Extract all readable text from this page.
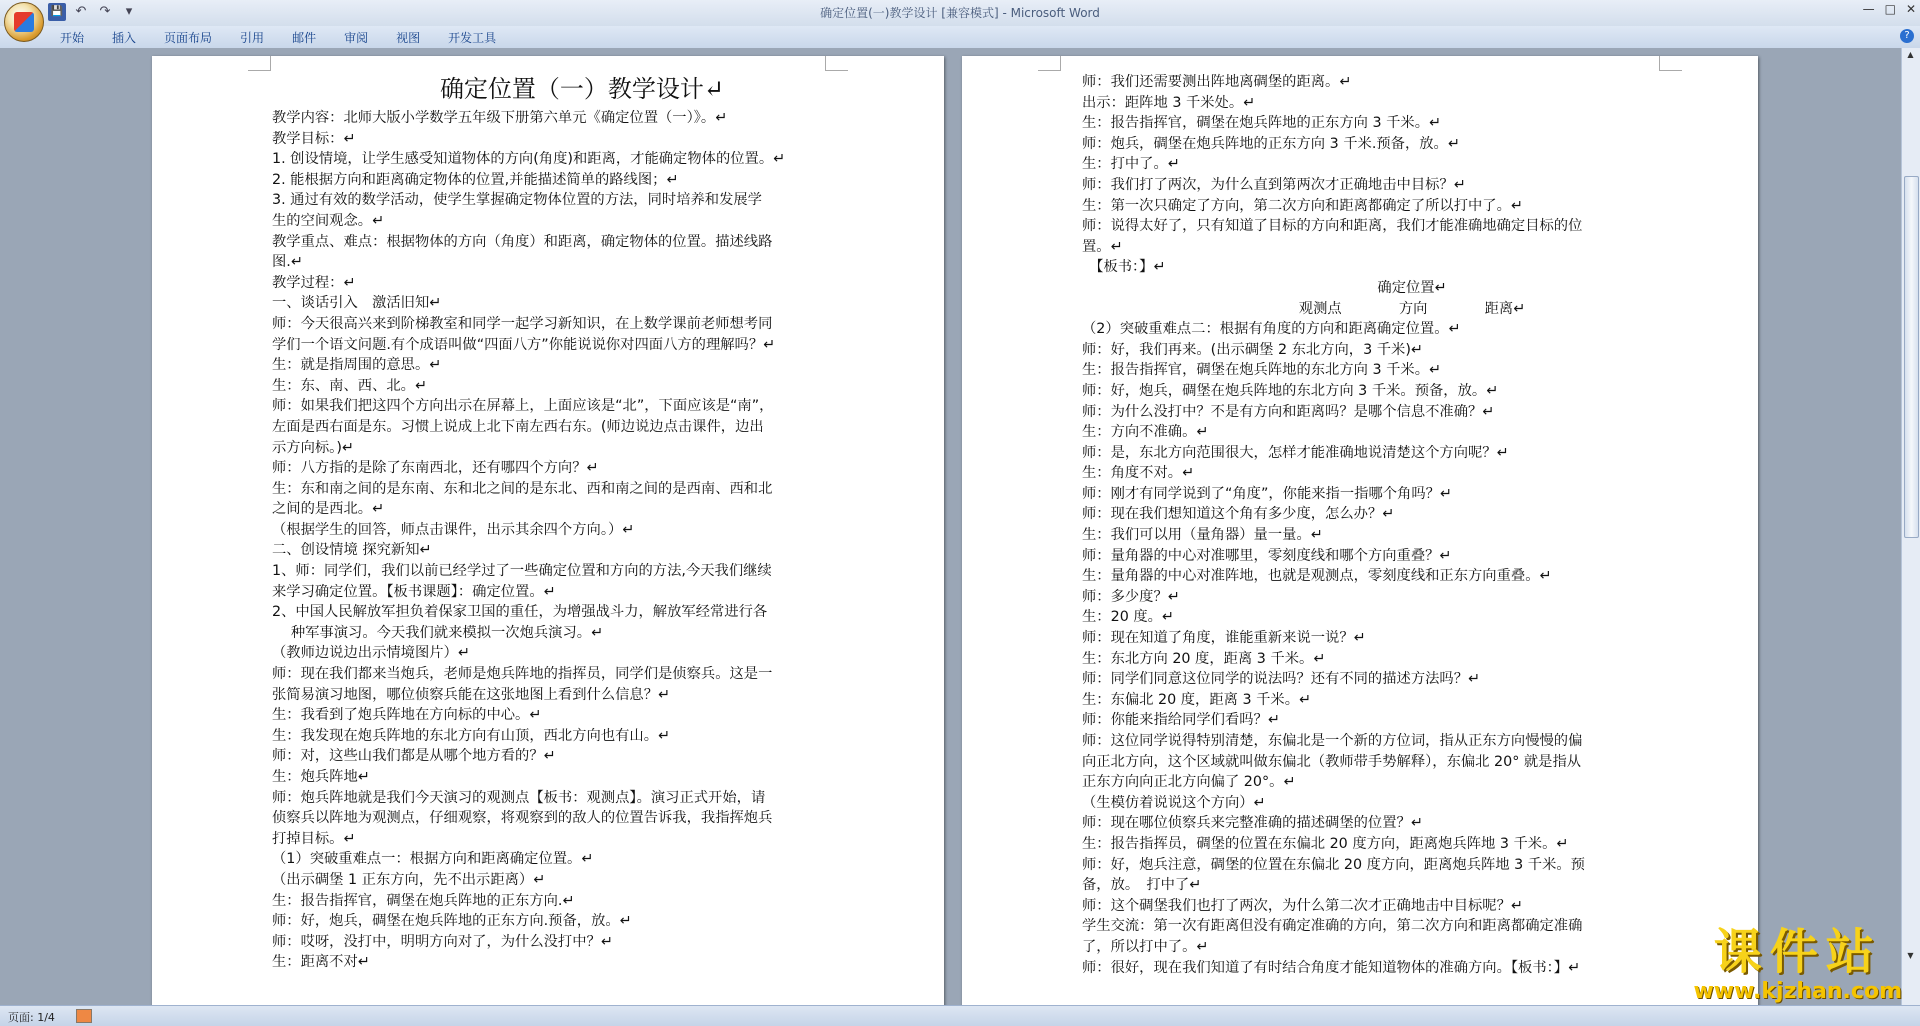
💾 ↶ ↷	▾	确定位置(一)教学设计 [兼容模式] - Microsoft Word	— □ ✕
开始 插入 页面布局 引用 邮件 审阅 视图 开发工具	?
确定位置（一）教学设计↵
教学内容：北师大版小学数学五年级下册第六单元《确定位置（一）》。↵
教学目标：↵
1. 创设情境，让学生感受知道物体的方向(角度)和距离，才能确定物体的位置。↵
2. 能根据方向和距离确定物体的位置,并能描述简单的路线图；↵
3. 通过有效的数学活动，使学生掌握确定物体位置的方法，同时培养和发展学
生的空间观念。↵
教学重点、难点：根据物体的方向（角度）和距离，确定物体的位置。描述线路
图.↵
教学过程：↵
一、谈话引入　激活旧知↵
师：今天很高兴来到阶梯教室和同学一起学习新知识，在上数学课前老师想考同
学们一个语文问题.有个成语叫做“四面八方”你能说说你对四面八方的理解吗？↵
生：就是指周围的意思。↵
生：东、南、西、北。↵
师：如果我们把这四个方向出示在屏幕上，上面应该是“北”，下面应该是“南”，
左面是西右面是东。习惯上说成上北下南左西右东。(师边说边点击课件，边出
示方向标。)↵
师：八方指的是除了东南西北，还有哪四个方向？↵
生：东和南之间的是东南、东和北之间的是东北、西和南之间的是西南、西和北
之间的是西北。↵
（根据学生的回答，师点击课件，出示其余四个方向。）↵
二、创设情境 探究新知↵
1、师：同学们，我们以前已经学过了一些确定位置和方向的方法,今天我们继续
来学习确定位置。【板书课题】：确定位置。↵
2、中国人民解放军担负着保家卫国的重任，为增强战斗力，解放军经常进行各
　 种军事演习。今天我们就来模拟一次炮兵演习。↵
（教师边说边出示情境图片）↵
师：现在我们都来当炮兵，老师是炮兵阵地的指挥员，同学们是侦察兵。这是一
张简易演习地图，哪位侦察兵能在这张地图上看到什么信息？↵
生：我看到了炮兵阵地在方向标的中心。↵
生：我发现在炮兵阵地的东北方向有山顶，西北方向也有山。↵
师：对，这些山我们都是从哪个地方看的？↵
生：炮兵阵地↵
师：炮兵阵地就是我们今天演习的观测点【板书：观测点】。演习正式开始，请
侦察兵以阵地为观测点，仔细观察，将观察到的敌人的位置告诉我，我指挥炮兵
打掉目标。↵
（1）突破重难点一：根据方向和距离确定位置。↵
（出示碉堡 1 正东方向，先不出示距离）↵
生：报告指挥官，碉堡在炮兵阵地的正东方向.↵
师：好，炮兵，碉堡在炮兵阵地的正东方向.预备，放。↵
师：哎呀，没打中，明明方向对了，为什么没打中？↵
生：距离不对↵
师：我们还需要测出阵地离碉堡的距离。↵
出示：距阵地 3 千米处。↵
生：报告指挥官，碉堡在炮兵阵地的正东方向 3 千米。↵
师：炮兵，碉堡在炮兵阵地的正东方向 3 千米.预备，放。↵
生：打中了。↵
师：我们打了两次，为什么直到第两次才正确地击中目标？↵
生：第一次只确定了方向，第二次方向和距离都确定了所以打中了。↵
师：说得太好了，只有知道了目标的方向和距离，我们才能准确地确定目标的位
置。↵
　【板书：】↵
确定位置↵
观测点　　　　方向　　　　距离↵
（2）突破重难点二：根据有角度的方向和距离确定位置。↵
师：好，我们再来。(出示碉堡 2 东北方向，3 千米)↵
生：报告指挥官，碉堡在炮兵阵地的东北方向 3 千米。↵
师：好，炮兵，碉堡在炮兵阵地的东北方向 3 千米。预备，放。↵
师：为什么没打中？不是有方向和距离吗？是哪个信息不准确？↵
生：方向不准确。↵
师：是，东北方向范围很大，怎样才能准确地说清楚这个方向呢？↵
生：角度不对。↵
师：刚才有同学说到了“角度”，你能来指一指哪个角吗？↵
师：现在我们想知道这个角有多少度，怎么办？↵
生：我们可以用（量角器）量一量。↵
师：量角器的中心对准哪里，零刻度线和哪个方向重叠？↵
生：量角器的中心对准阵地，也就是观测点，零刻度线和正东方向重叠。↵
师：多少度？↵
生：20 度。↵
师：现在知道了角度，谁能重新来说一说？↵
生：东北方向 20 度，距离 3 千米。↵
师：同学们同意这位同学的说法吗？还有不同的描述方法吗？↵
生：东偏北 20 度，距离 3 千米。↵
师：你能来指给同学们看吗？↵
师：这位同学说得特别清楚，东偏北是一个新的方位词，指从正东方向慢慢的偏
向正北方向，这个区域就叫做东偏北（教师带手势解释），东偏北 20° 就是指从
正东方向向正北方向偏了 20°。↵
（生模仿着说说这个方向）↵
师：现在哪位侦察兵来完整准确的描述碉堡的位置？↵
生：报告指挥员，碉堡的位置在东偏北 20 度方向，距离炮兵阵地 3 千米。↵
师：好，炮兵注意，碉堡的位置在东偏北 20 度方向，距离炮兵阵地 3 千米。预
备，放。　打中了↵
师：这个碉堡我们也打了两次，为什么第二次才正确地击中目标呢？↵
学生交流：第一次有距离但没有确定准确的方向，第二次方向和距离都确定准确
了，所以打中了。↵
师：很好，现在我们知道了有时结合角度才能知道物体的准确方向。【板书：】↵
▲
▼
页面: 1/4
课件站
www.kjzhan.com
